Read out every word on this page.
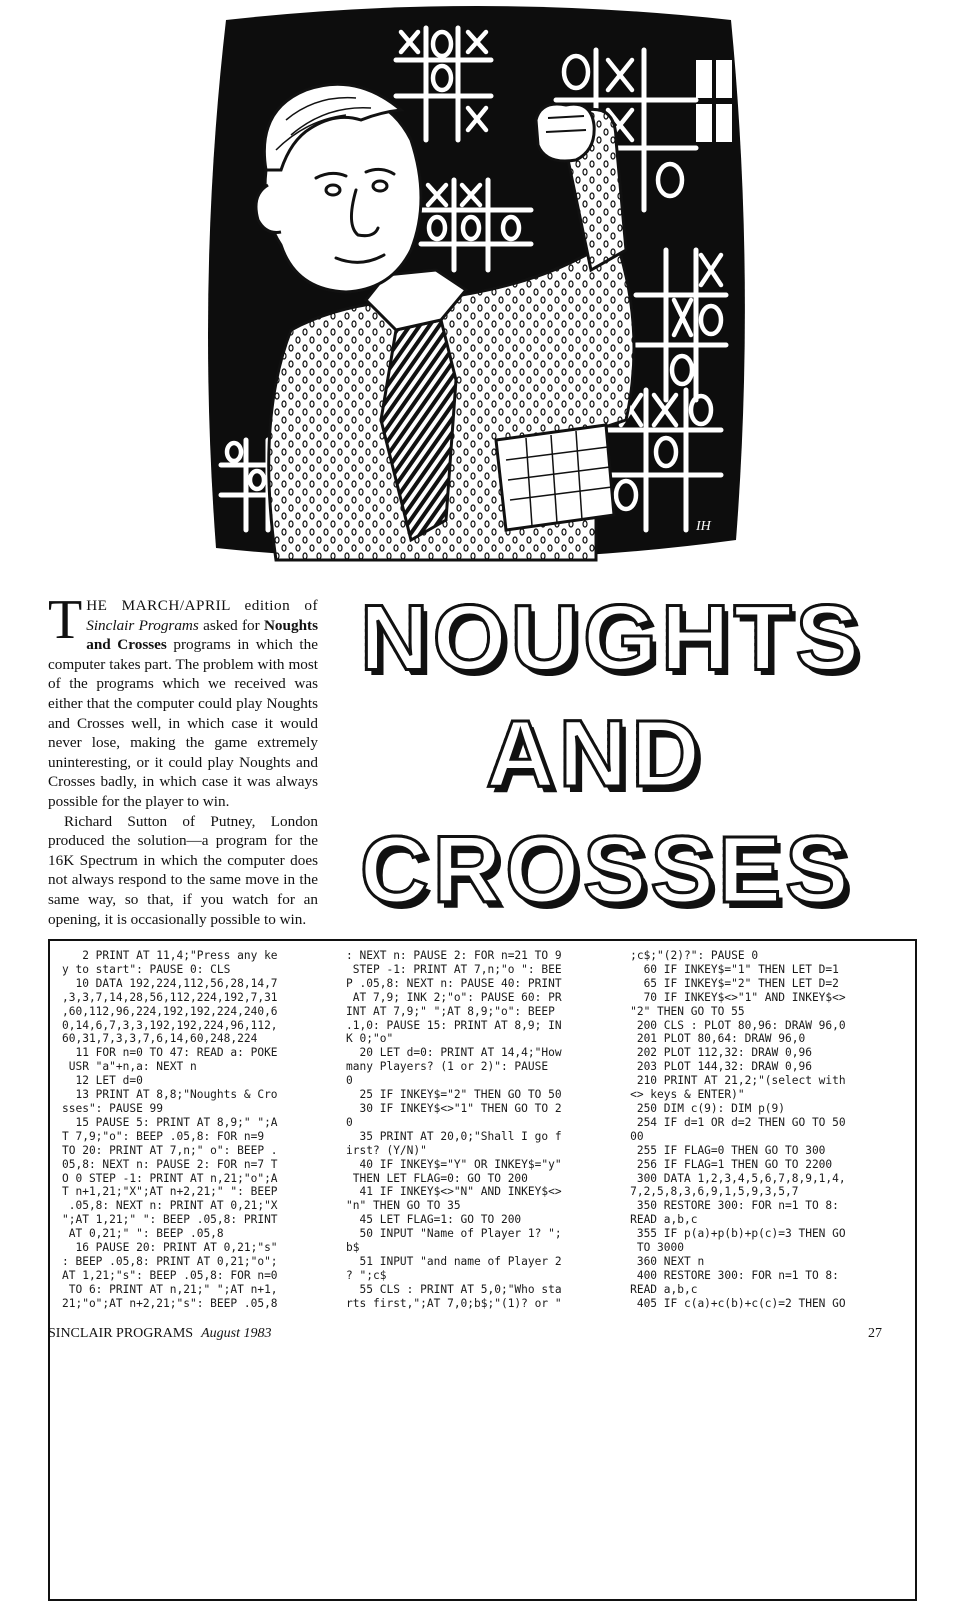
IH

THE MARCH/APRIL edition of Sinclair Programs asked for Noughts and Crosses programs in which the computer takes part. The problem with most of the programs which we received was either that the computer could play Noughts and Crosses well, in which case it would never lose, making the game extremely uninteresting, or it could play Noughts and Crosses badly, in which case it was always possible for the player to win.

Richard Sutton of Putney, London produced the solution—a program for the 16K Spectrum in which the computer does not always respond to the same move in the same way, so that, if you watch for an opening, it is occasionally possible to win.

NOUGHTS
AND
CROSSES
2 PRINT AT 11,4;"Press any ke
y to start": PAUSE 0: CLS
10 DATA 192,224,112,56,28,14,7
,3,3,7,14,28,56,112,224,192,7,31
,60,112,96,224,192,192,224,240,6
0,14,6,7,3,3,192,192,224,96,112,
60,31,7,3,3,7,6,14,60,248,224
11 FOR n=0 TO 47: READ a: POKE
USR "a"+n,a: NEXT n
12 LET d=0
13 PRINT AT 8,8;"Noughts & Cro
sses": PAUSE 99
15 PAUSE 5: PRINT AT 8,9;" ";A
T 7,9;"o": BEEP .05,8: FOR n=9
TO 20: PRINT AT 7,n;" o": BEEP .
05,8: NEXT n: PAUSE 2: FOR n=7 T
O 0 STEP -1: PRINT AT n,21;"o";A
T n+1,21;"X";AT n+2,21;" ": BEEP
.05,8: NEXT n: PRINT AT 0,21;"X
";AT 1,21;" ": BEEP .05,8: PRINT
AT 0,21;" ": BEEP .05,8
16 PAUSE 20: PRINT AT 0,21;"s"
: BEEP .05,8: PRINT AT 0,21;"o";
AT 1,21;"s": BEEP .05,8: FOR n=0
TO 6: PRINT AT n,21;" ";AT n+1,
21;"o";AT n+2,21;"s": BEEP .05,8
: NEXT n: PAUSE 2: FOR n=21 TO 9
STEP -1: PRINT AT 7,n;"o ": BEE
P .05,8: NEXT n: PAUSE 40: PRINT
AT 7,9; INK 2;"o": PAUSE 60: PR
INT AT 7,9;" ";AT 8,9;"o": BEEP
.1,0: PAUSE 15: PRINT AT 8,9; IN
K 0;"o"
20 LET d=0: PRINT AT 14,4;"How
many Players? (1 or 2)": PAUSE
0
25 IF INKEY$="2" THEN GO TO 50
30 IF INKEY$<>"1" THEN GO TO 2
0
35 PRINT AT 20,0;"Shall I go f
irst? (Y/N)"
40 IF INKEY$="Y" OR INKEY$="y"
THEN LET FLAG=0: GO TO 200
41 IF INKEY$<>"N" AND INKEY$<>
"n" THEN GO TO 35
45 LET FLAG=1: GO TO 200
50 INPUT "Name of Player 1? ";
b$
51 INPUT "and name of Player 2
? ";c$
55 CLS : PRINT AT 5,0;"Who sta
rts first,";AT 7,0;b$;"(1)? or "
;c$;"(2)?": PAUSE 0
60 IF INKEY$="1" THEN LET D=1
65 IF INKEY$="2" THEN LET D=2
70 IF INKEY$<>"1" AND INKEY$<>
"2" THEN GO TO 55
200 CLS : PLOT 80,96: DRAW 96,0
201 PLOT 80,64: DRAW 96,0
202 PLOT 112,32: DRAW 0,96
203 PLOT 144,32: DRAW 0,96
210 PRINT AT 21,2;"(select with
<> keys & ENTER)"
250 DIM c(9): DIM p(9)
254 IF d=1 OR d=2 THEN GO TO 50
00
255 IF FLAG=0 THEN GO TO 300
256 IF FLAG=1 THEN GO TO 2200
300 DATA 1,2,3,4,5,6,7,8,9,1,4,
7,2,5,8,3,6,9,1,5,9,3,5,7
350 RESTORE 300: FOR n=1 TO 8:
READ a,b,c
355 IF p(a)+p(b)+p(c)=3 THEN GO
TO 3000
360 NEXT n
400 RESTORE 300: FOR n=1 TO 8:
READ a,b,c
405 IF c(a)+c(b)+c(c)=2 THEN GO
SINCLAIR PROGRAMS August 1983	27
